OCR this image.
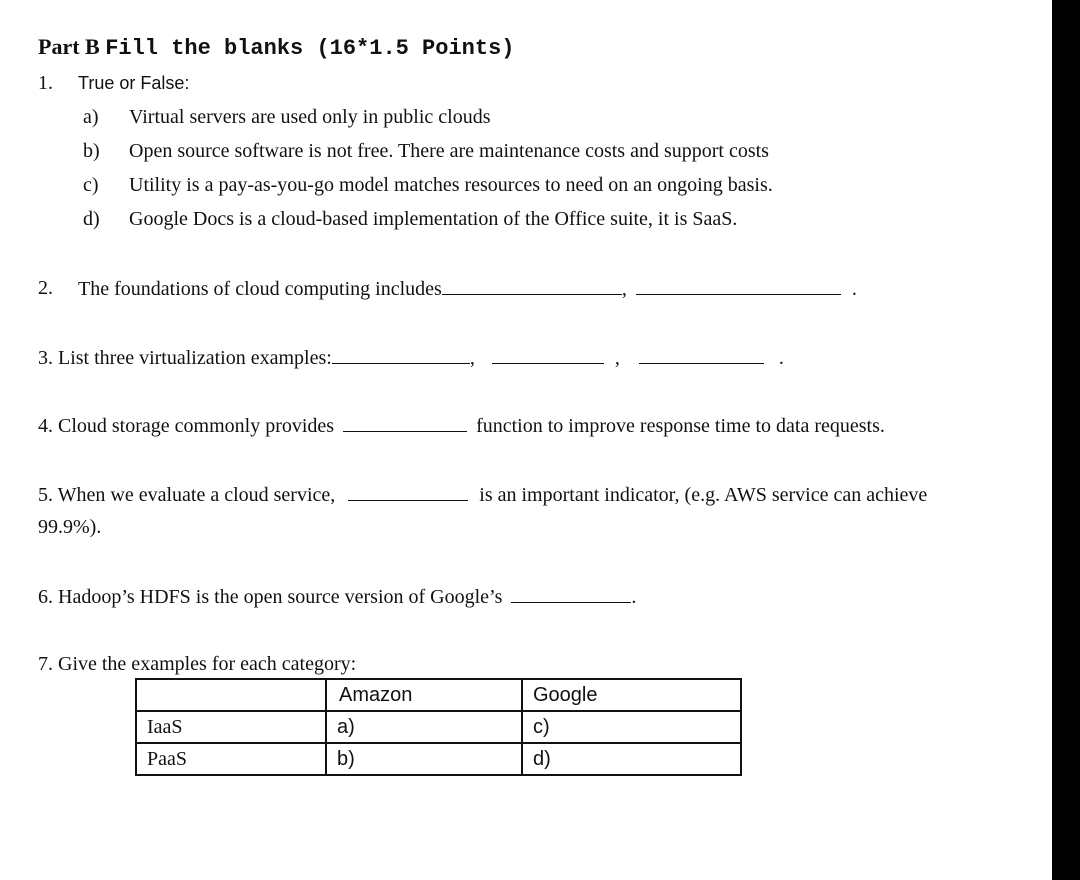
Part B Fill the blanks (16*1.5 Points)
1. True or False:
a) Virtual servers are used only in public clouds
b) Open source software is not free. There are maintenance costs and support costs
c) Utility is a pay-as-you-go model matches resources to need on an ongoing basis.
d) Google Docs is a cloud-based implementation of the Office suite, it is SaaS.
2. The foundations of cloud computing includes	,	.
3. List three virtualization examples:	,	,	.
4. Cloud storage commonly provides	function to improve response time to data requests.
5. When we evaluate a cloud service,	is an important indicator, (e.g. AWS service can achieve
99.9%).
6. Hadoop’s HDFS is the open source version of Google’s	.
7. Give the examples for each category:
	Amazon	Google
IaaS	a)	c)
PaaS	b)	d)
